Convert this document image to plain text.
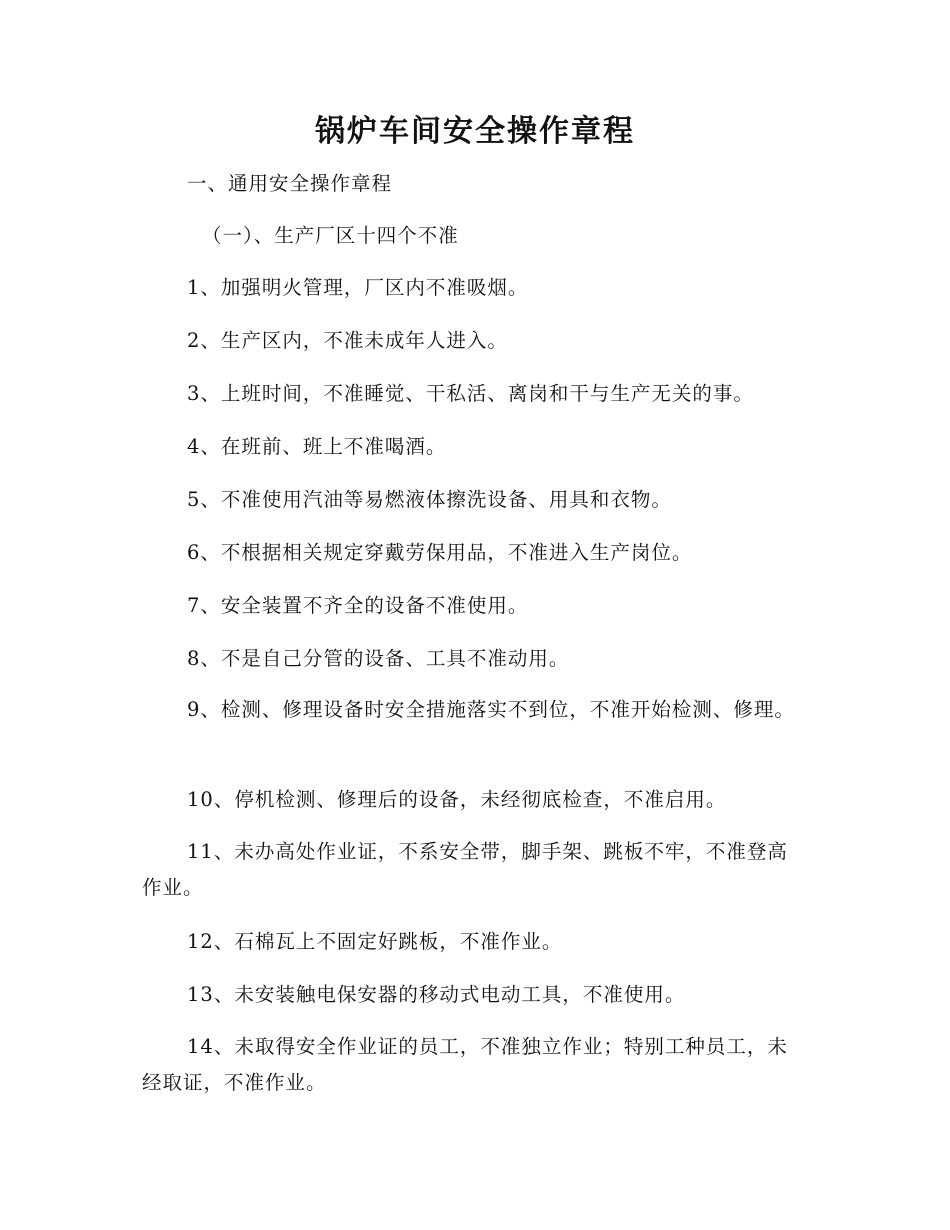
锅炉车间安全操作章程
一、通用安全操作章程
（一）、生产厂区十四个不准
1、加强明火管理，厂区内不准吸烟。
2、生产区内，不准未成年人进入。
3、上班时间，不准睡觉、干私活、离岗和干与生产无关的事。
4、在班前、班上不准喝酒。
5、不准使用汽油等易燃液体擦洗设备、用具和衣物。
6、不根据相关规定穿戴劳保用品，不准进入生产岗位。
7、安全装置不齐全的设备不准使用。
8、不是自己分管的设备、工具不准动用。
9、检测、修理设备时安全措施落实不到位，不准开始检测、修理。
10、停机检测、修理后的设备，未经彻底检查，不准启用。
11、未办高处作业证，不系安全带，脚手架、跳板不牢，不准登高作业。
12、石棉瓦上不固定好跳板，不准作业。
13、未安装触电保安器的移动式电动工具，不准使用。
14、未取得安全作业证的员工，不准独立作业；特别工种员工，未经取证，不准作业。
